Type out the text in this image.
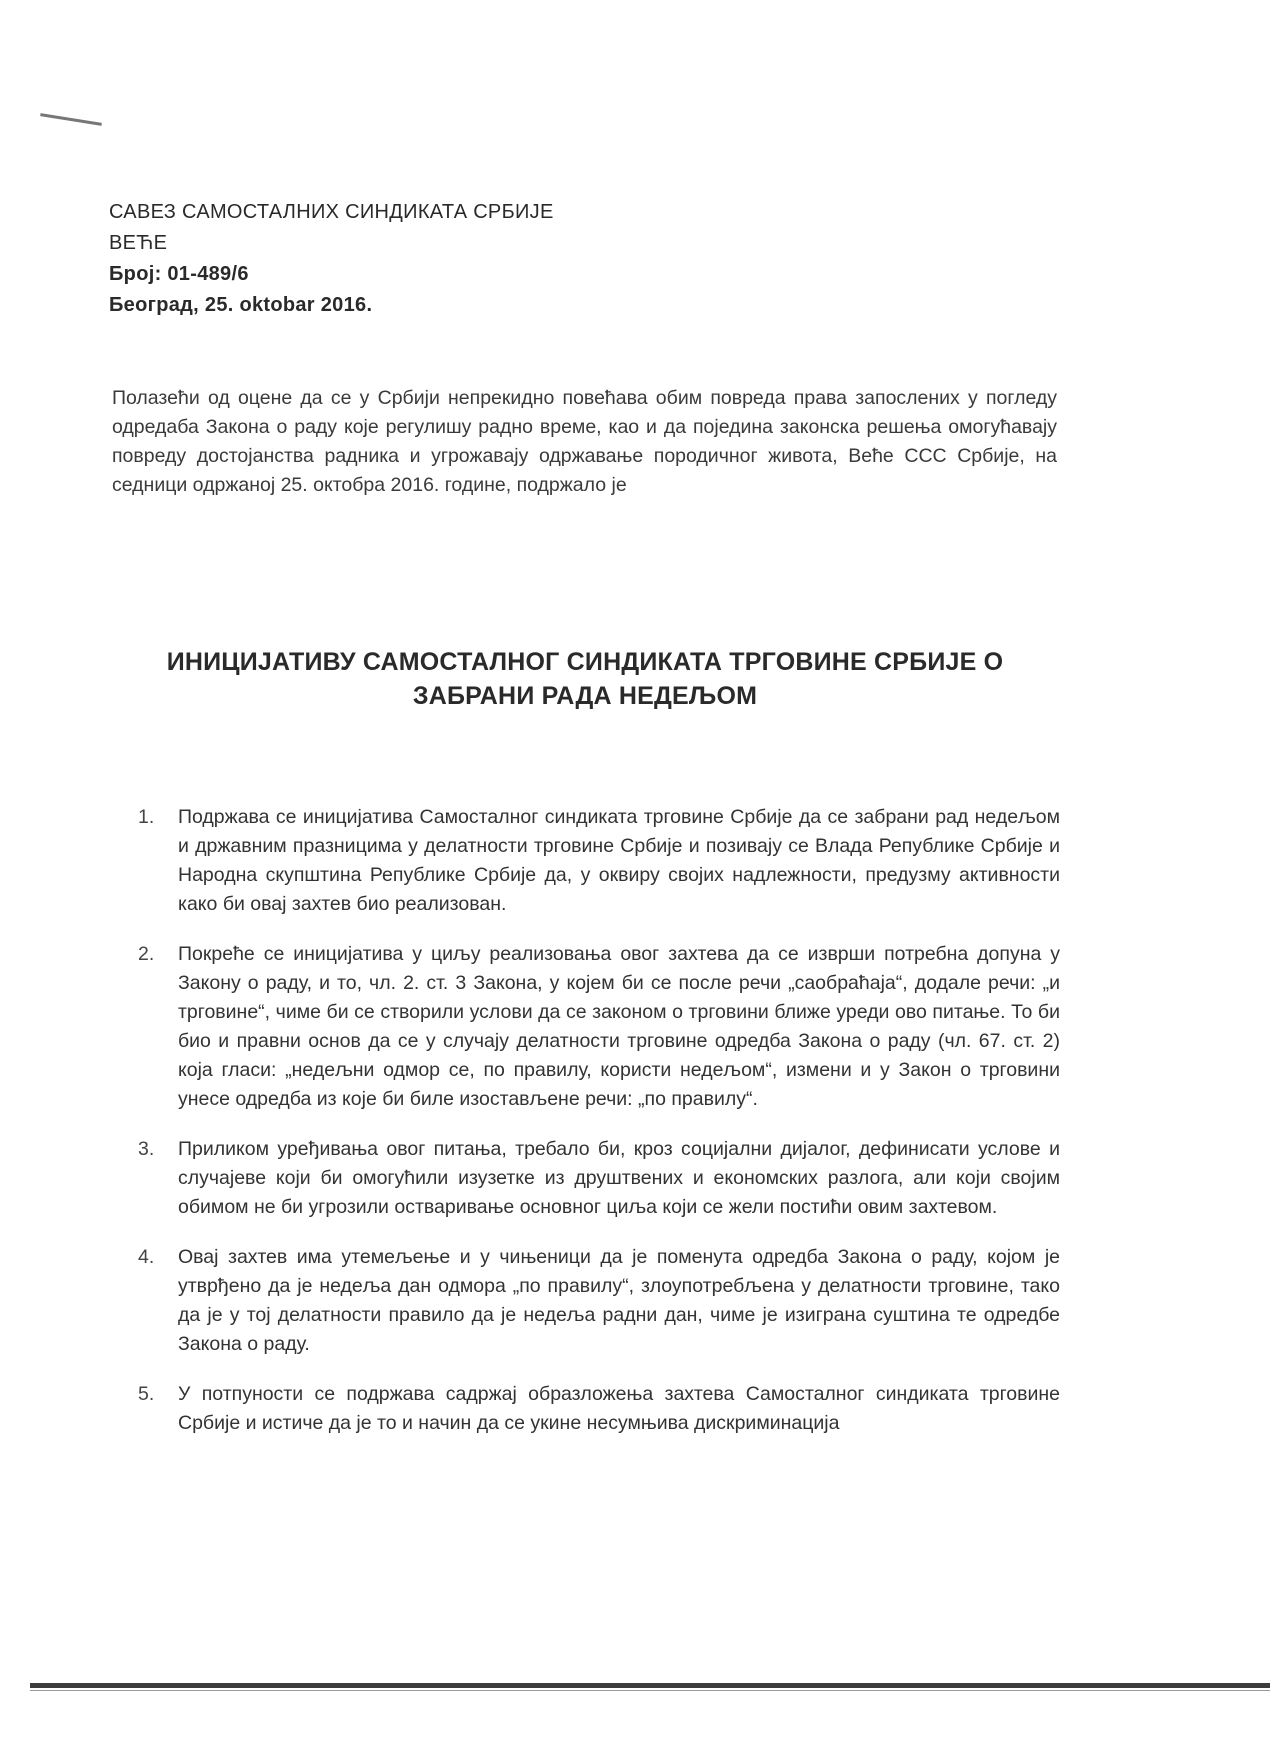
САВЕЗ САМОСТАЛНИХ СИНДИКАТА СРБИЈЕ
ВЕЋЕ
Број: 01-489/6
Београд, 25. oktobar 2016.

Полазећи од оцене да се у Србији непрекидно повећава обим повреда права запослених у погледу одредаба Закона о раду које регулишу радно време, као и да поједина законска решења омогућавају повреду достојанства радника и угрожавају одржавање породичног живота, Веће ССС Србије, на седници одржаној 25. октобра 2016. године, подржало је

ИНИЦИЈАТИВУ САМОСТАЛНОГ СИНДИКАТА ТРГОВИНЕ СРБИЈЕ О
ЗАБРАНИ РАДА НЕДЕЉОМ
1. Подржава се иницијатива Самосталног синдиката трговине Србије да се забрани рад недељом и државним празницима у делатности трговине Србије и позивају се Влада Републике Србије и Народна скупштина Републике Србије да, у оквиру својих надлежности, предузму активности како би овај захтев био реализован.
2. Покреће се иницијатива у циљу реализовања овог захтева да се изврши потребна допуна у Закону о раду, и то, чл. 2. ст. 3 Закона, у којем би се после речи „саобраћаја“, додале речи: „и трговине“, чиме би се створили услови да се законом о трговини ближе уреди ово питање. То би био и правни основ да се у случају делатности трговине одредба Закона о раду (чл. 67. ст. 2) која гласи: „недељни одмор се, по правилу, користи недељом“, измени и у Закон о трговини унесе одредба из које би биле изостављене речи: „по правилу“.
3. Приликом уређивања овог питања, требало би, кроз социјални дијалог, дефинисати услове и случајеве који би омогућили изузетке из друштвених и економских разлога, али који својим обимом не би угрозили остваривање основног циља који се жели постићи овим захтевом.
4. Овај захтев има утемељење и у чињеници да је поменута одредба Закона о раду, којом је утврђено да је недеља дан одмора „по правилу“, злоупотребљена у делатности трговине, тако да је у тој делатности правило да је недеља радни дан, чиме је изиграна суштина те одредбе Закона о раду.
5. У потпуности се подржава садржај образложења захтева Самосталног синдиката трговине Србије и истиче да је то и начин да се укине несумњива дискриминација
